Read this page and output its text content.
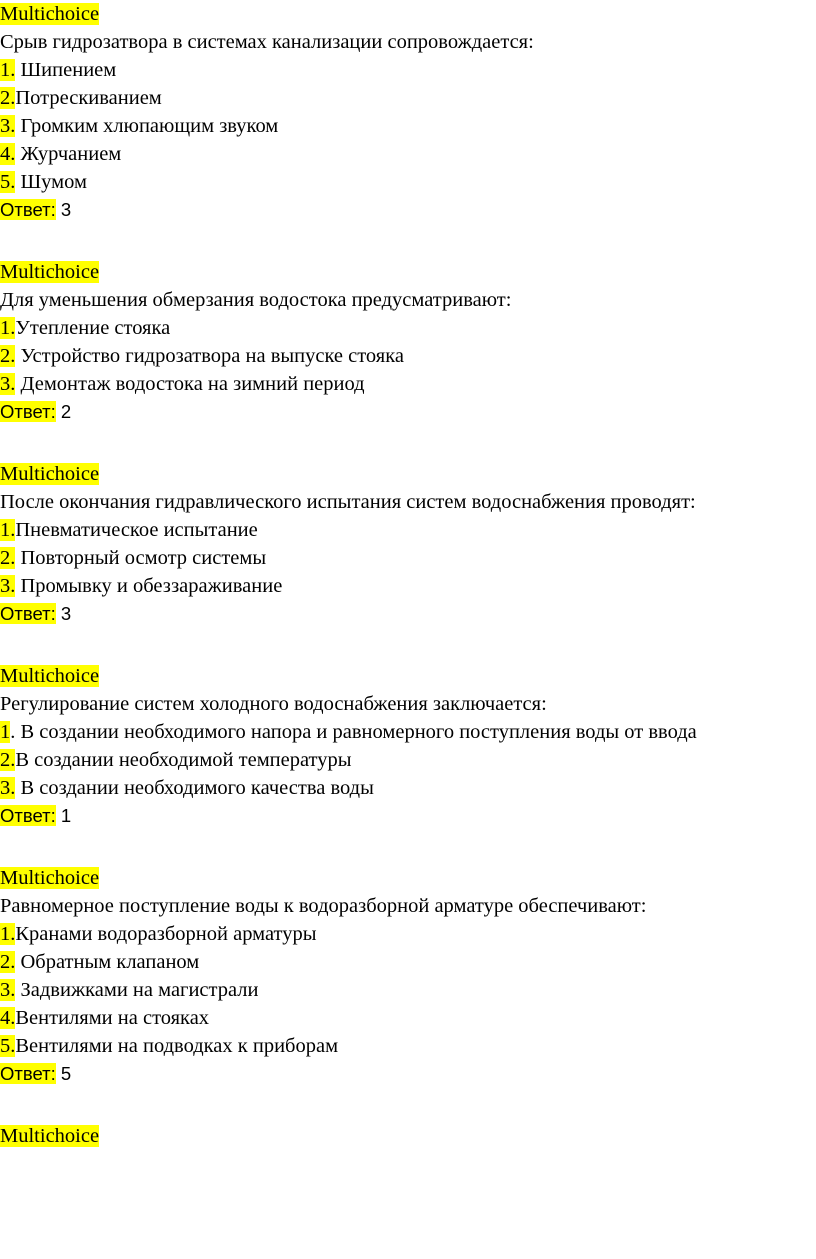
Multichoice
Срыв гидрозатвора в системах канализации сопровождается:
1. Шипением
2.Потрескиванием
3. Громким хлюпающим звуком
4. Журчанием
5. Шумом
Ответ: 3
Multichoice
Для уменьшения обмерзания водостока предусматривают:
1.Утепление стояка
2. Устройство гидрозатвора на выпуске стояка
3. Демонтаж водостока на зимний период
Ответ: 2
Multichoice
После окончания гидравлического испытания систем водоснабжения проводят:
1.Пневматическое испытание
2. Повторный осмотр системы
3. Промывку и обеззараживание
Ответ: 3
Multichoice
Регулирование систем холодного водоснабжения заключается:
1. В создании необходимого напора и равномерного поступления воды от ввода
2.В создании необходимой температуры
3. В создании необходимого качества воды
Ответ: 1
Multichoice
Равномерное поступление воды к водоразборной арматуре обеспечивают:
1.Кранами водоразборной арматуры
2. Обратным клапаном
3. Задвижками на магистрали
4.Вентилями на стояках
5.Вентилями на подводках к приборам
Ответ: 5
Multichoice
